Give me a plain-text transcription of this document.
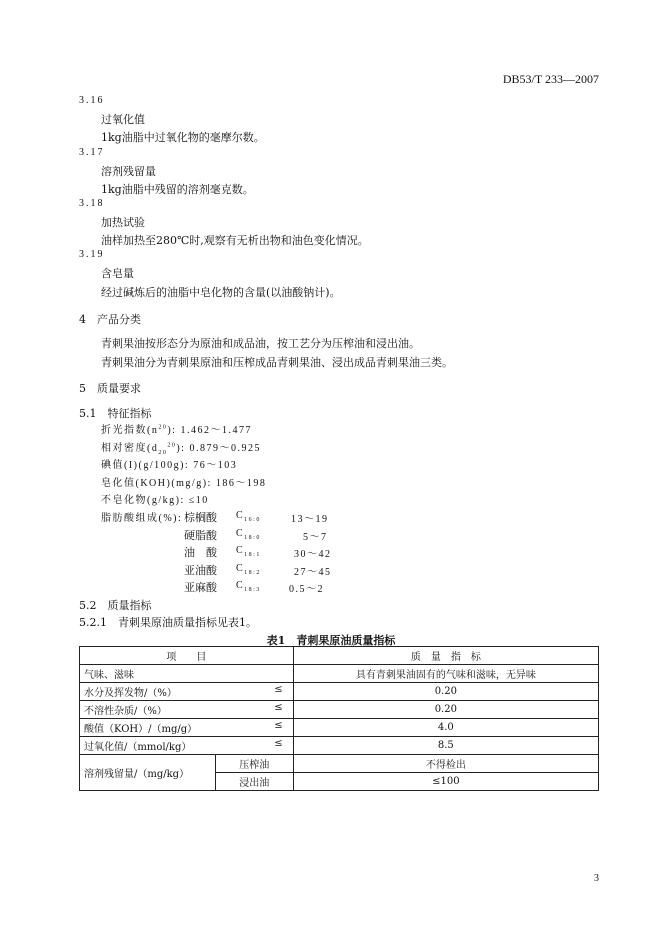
DB53/T 233—2007
3.16
过氧化值
1kg油脂中过氧化物的毫摩尔数。
3.17
溶剂残留量
1kg油脂中残留的溶剂毫克数。
3.18
加热试验
油样加热至280℃时,观察有无析出物和油色变化情况。
3.19
含皂量
经过碱炼后的油脂中皂化物的含量(以油酸钠计)。
4　产品分类
青刺果油按形态分为原油和成品油，按工艺分为压榨油和浸出油。
青刺果油分为青刺果原油和压榨成品青刺果油、浸出成品青刺果油三类。
5　质量要求
5.1　特征指标
折光指数$(n^{20})$: 1.462～1.477
相对密度$(d_{20}^{20})$: 0.879～0.925
碘值(I)(g/100g): 76～103
皂化值(KOH)(mg/g): 186～198
不皂化物(g/kg): ≤10
脂肪酸组成(%): 棕榈酸 $C_{16:0}$	13～19
硬脂酸 $C_{18:0}$	5～7
油　酸 $C_{18:1}$	30～42
亚油酸 $C_{18:2}$	27～45
亚麻酸 $C_{18:3}$	0.5～2
5.2　质量指标
5.2.1　青刺果原油质量指标见表1。
表1　青刺果原油质量指标
项　　目		质　量　指　标
气味、滋味		具有青刺果油固有的气味和滋味，无异味
水分及挥发物/（%） ≤		0.20
不溶性杂质/（%） ≤		0.20
酸值（KOH）/（mg/g） ≤		4.0
过氧化值/（mmol/kg） ≤		8.5
溶剂残留量/（mg/kg）	压榨油	不得检出
	浸出油	≤100
3
